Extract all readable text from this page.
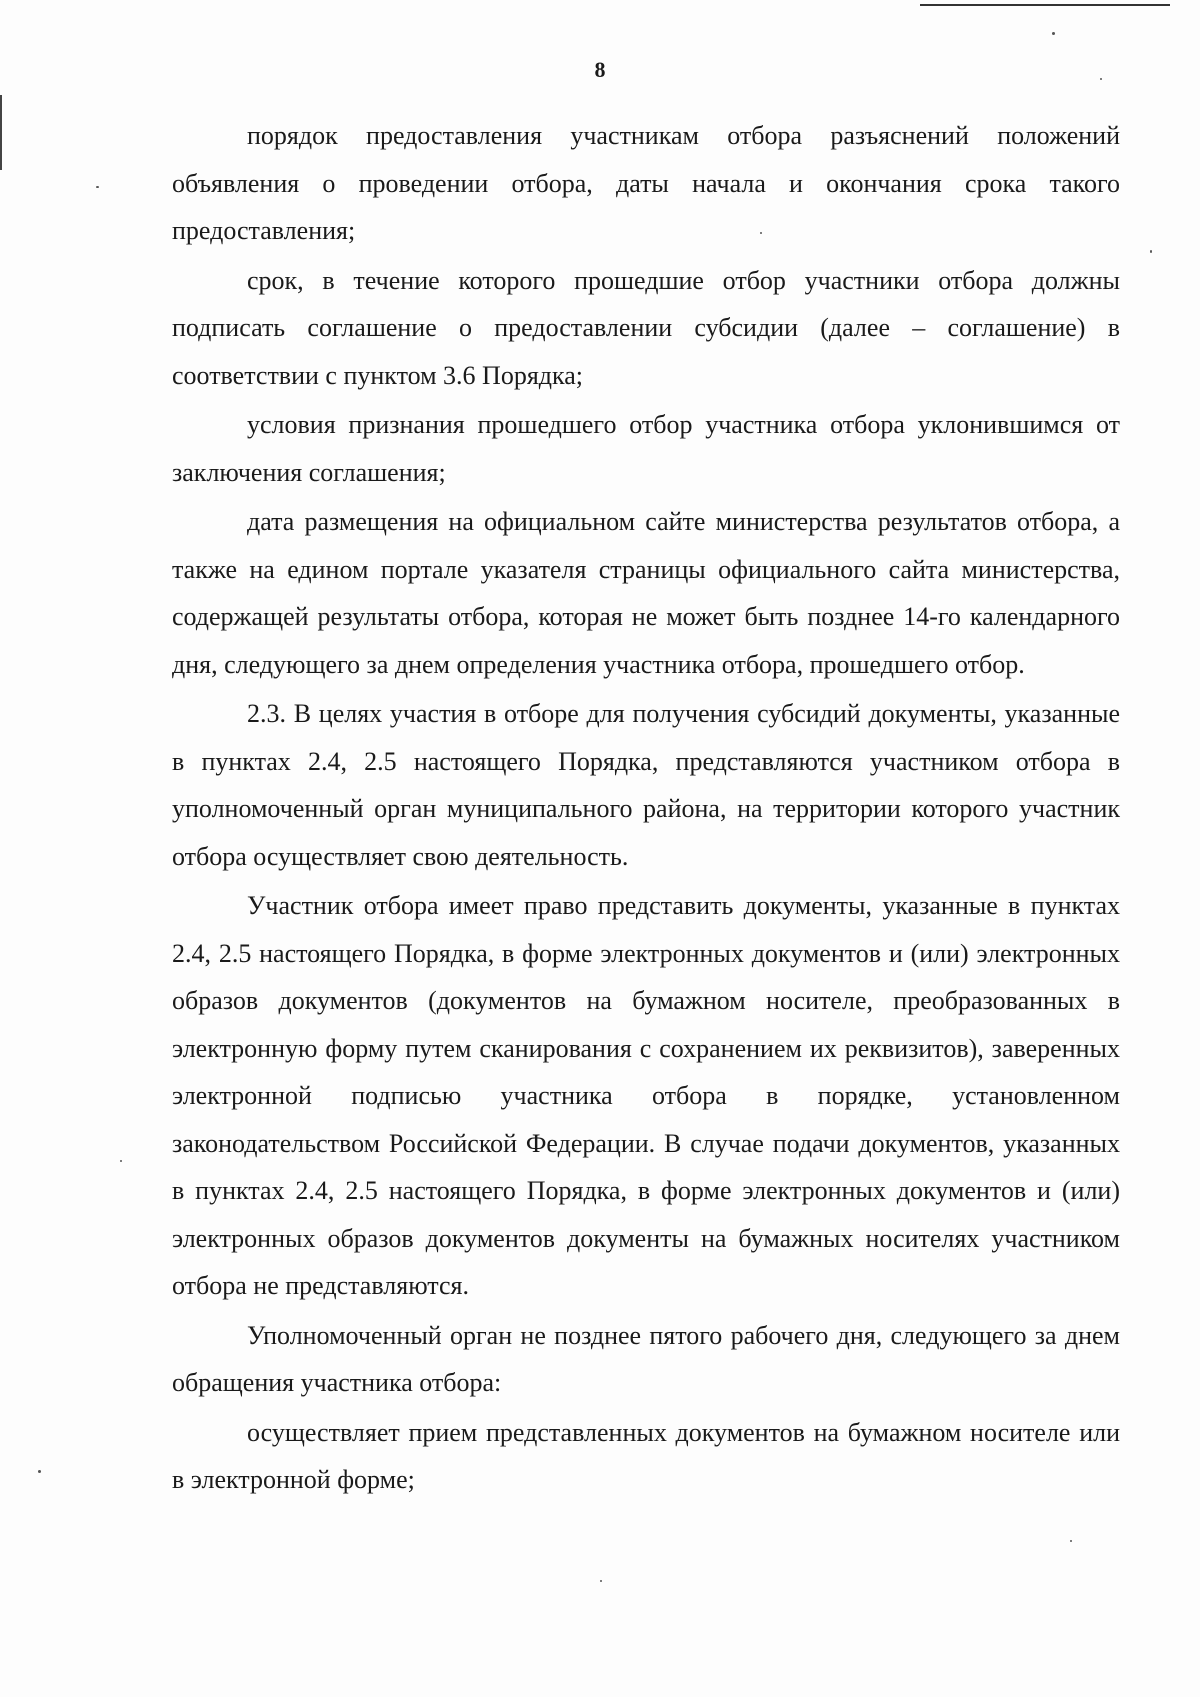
8

порядок предоставления участникам отбора разъяснений положений объявления о проведении отбора, даты начала и окончания срока такого предоставления;

срок, в течение которого прошедшие отбор участники отбора должны подписать соглашение о предоставлении субсидии (далее – соглашение) в соответствии с пунктом 3.6 Порядка;

условия признания прошедшего отбор участника отбора уклонившимся от заключения соглашения;

дата размещения на официальном сайте министерства результатов отбора, а также на едином портале указателя страницы официального сайта министерства, содержащей результаты отбора, которая не может быть позднее 14-го календарного дня, следующего за днем определения участника отбора, прошедшего отбор.

2.3. В целях участия в отборе для получения субсидий документы, указанные в пунктах 2.4, 2.5 настоящего Порядка, представляются участником отбора в уполномоченный орган муниципального района, на территории которого участник отбора осуществляет свою деятельность.

Участник отбора имеет право представить документы, указанные в пунктах 2.4, 2.5 настоящего Порядка, в форме электронных документов и (или) электронных образов документов (документов на бумажном носителе, преобразованных в электронную форму путем сканирования с сохранением их реквизитов), заверенных электронной подписью участника отбора в порядке, установленном законодательством Российской Федерации. В случае подачи документов, указанных в пунктах 2.4, 2.5 настоящего Порядка, в форме электронных документов и (или) электронных образов документов документы на бумажных носителях участником отбора не представляются.

Уполномоченный орган не позднее пятого рабочего дня, следующего за днем обращения участника отбора:

осуществляет прием представленных документов на бумажном носителе или в электронной форме;
